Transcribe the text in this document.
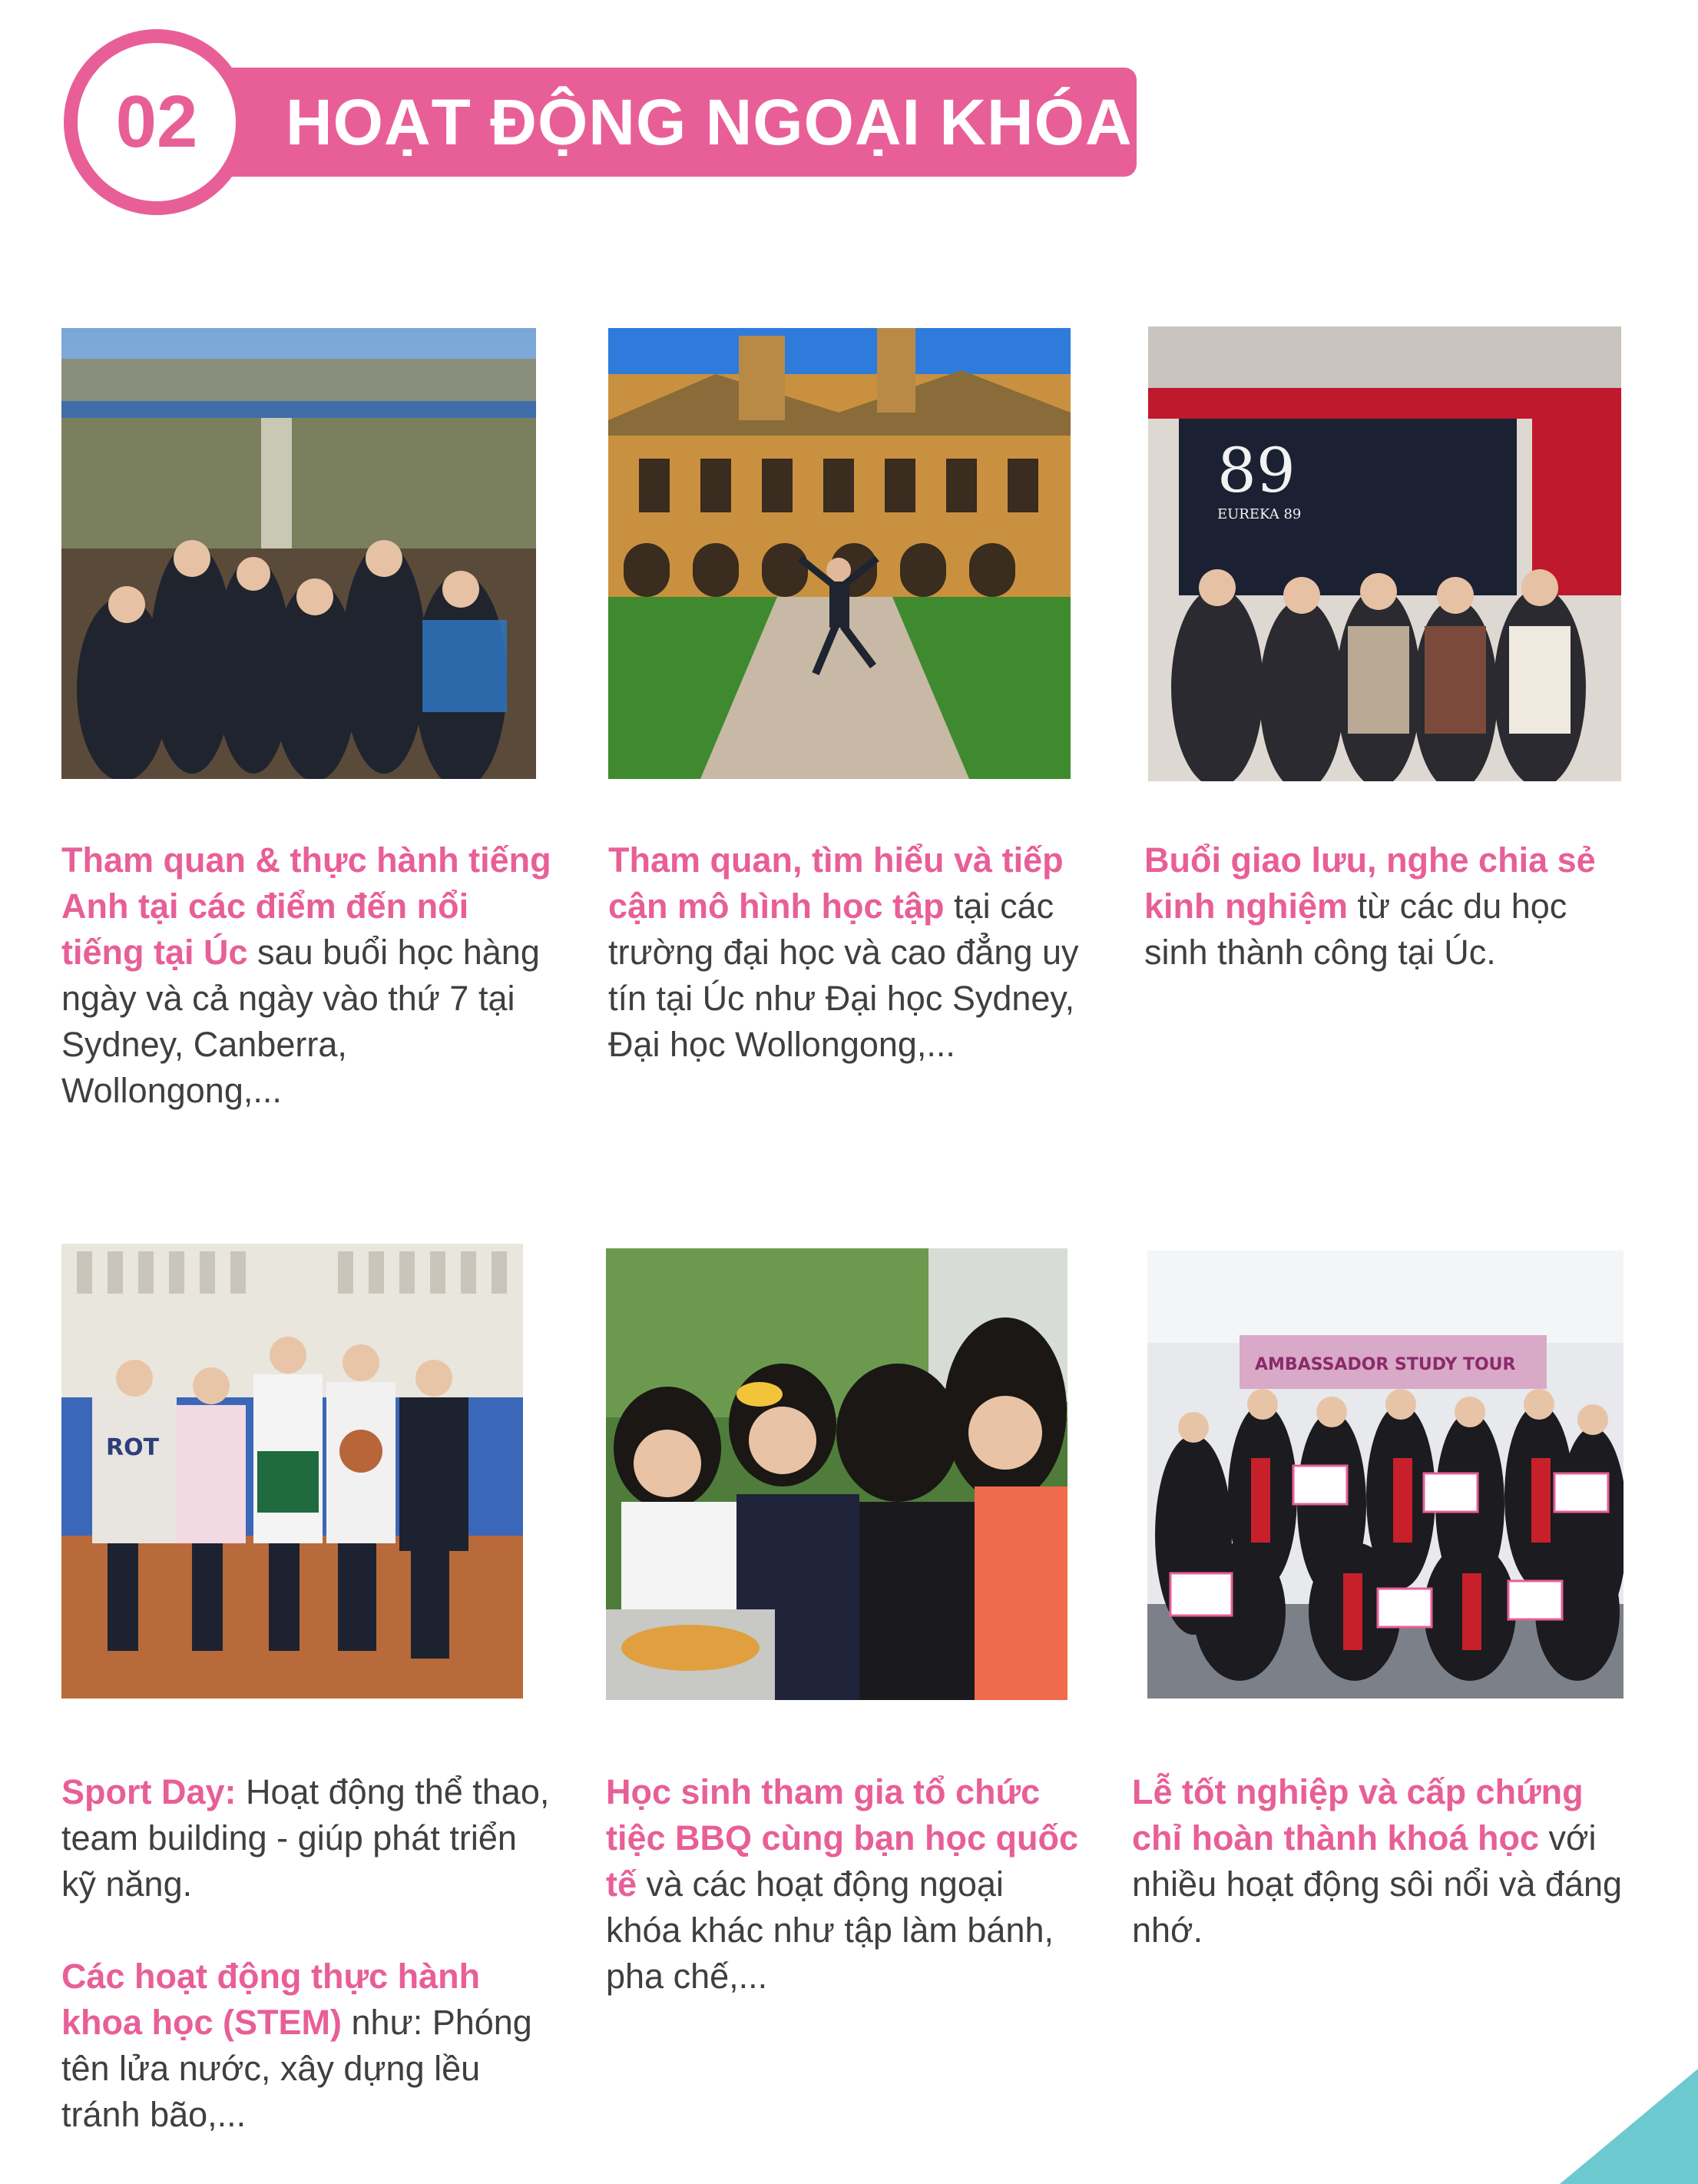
HOẠT ĐỘNG NGOẠI KHÓA
02
89
EUREKA 89
ROT
AMBASSADOR STUDY TOUR

Tham quan & thực hành tiếng Anh tại các điểm đến nổi tiếng tại Úc sau buổi học hàng ngày và cả ngày vào thứ 7 tại Sydney, Canberra, Wollongong,...

Tham quan, tìm hiểu và tiếp cận mô hình học tập tại các trường đại học và cao đẳng uy tín tại Úc như Đại học Sydney, Đại học Wollongong,...

Buổi giao lưu, nghe chia sẻ kinh nghiệm từ các du học sinh thành công tại Úc.

Sport Day: Hoạt động thể thao, team building - giúp phát triển kỹ năng.

Các hoạt động thực hành khoa học (STEM) như: Phóng tên lửa nước, xây dựng lều tránh bão,...

Học sinh tham gia tổ chức tiệc BBQ cùng bạn học quốc tế và các hoạt động ngoại khóa khác như tập làm bánh, pha chế,...

Lễ tốt nghiệp và cấp chứng chỉ hoàn thành khoá học với nhiều hoạt động sôi nổi và đáng nhớ.
